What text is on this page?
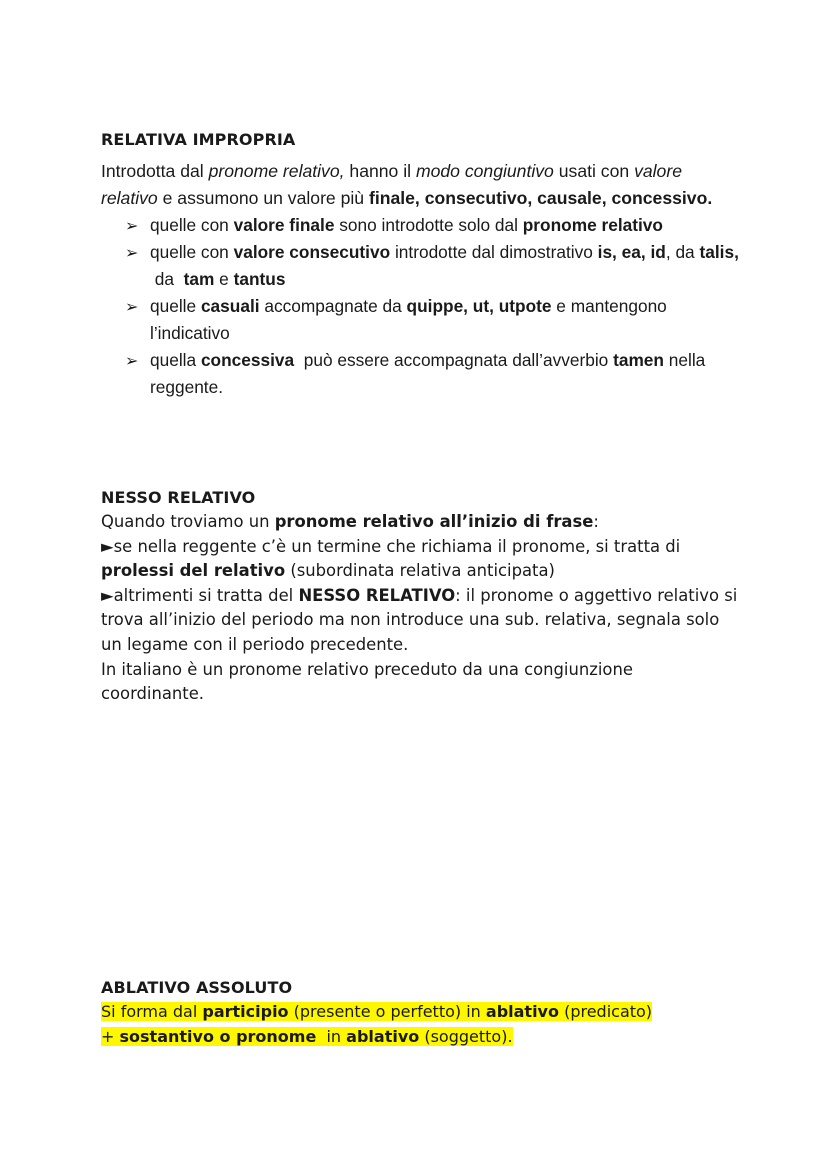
RELATIVA IMPROPRIA

Introdotta dal pronome relativo, hanno il modo congiuntivo usati con valore relativo e assumono un valore più finale, consecutivo, causale, concessivo.

➢ quelle con valore finale sono introdotte solo dal pronome relativo
➢ quelle con valore consecutivo introdotte dal dimostrativo is, ea, id, da talis, da  tam e tantus
➢ quelle casuali accompagnate da quippe, ut, utpote e mantengono l’indicativo
➢ quella concessiva  può essere accompagnata dall’avverbio tamen nella reggente.
NESSO RELATIVO

Quando troviamo un pronome relativo all’inizio di frase:

►se nella reggente c’è un termine che richiama il pronome, si tratta di prolessi del relativo (subordinata relativa anticipata)

►altrimenti si tratta del NESSO RELATIVO: il pronome o aggettivo relativo si trova all’inizio del periodo ma non introduce una sub. relativa, segnala solo un legame con il periodo precedente.

In italiano è un pronome relativo preceduto da una congiunzione coordinante.

ABLATIVO ASSOLUTO

Si forma dal participio (presente o perfetto) in ablativo (predicato)

+ sostantivo o pronome  in ablativo (soggetto).
